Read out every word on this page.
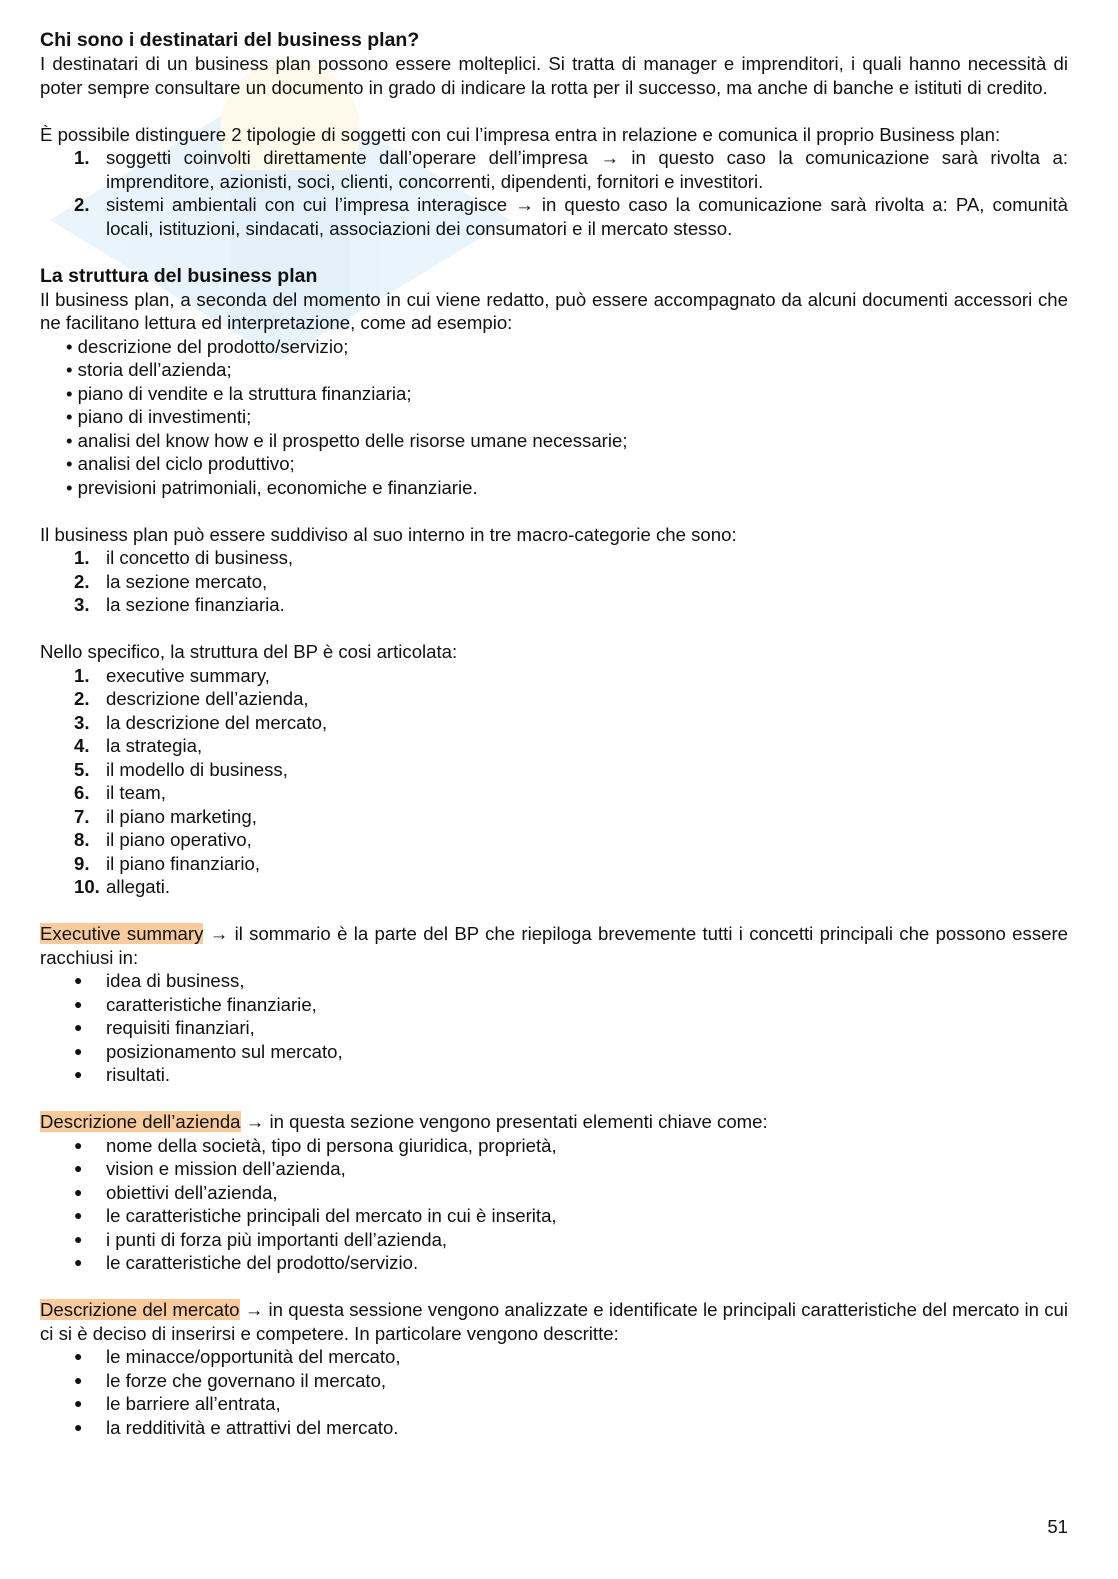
Chi sono i destinatari del business plan?

I destinatari di un business plan possono essere molteplici. Si tratta di manager e imprenditori, i quali hanno necessità di poter sempre consultare un documento in grado di indicare la rotta per il successo, ma anche di banche e istituti di credito.

È possibile distinguere 2 tipologie di soggetti con cui l’impresa entra in relazione e comunica il proprio Business plan:

1. soggetti coinvolti direttamente dall’operare dell’impresa → in questo caso la comunicazione sarà rivolta a: imprenditore, azionisti, soci, clienti, concorrenti, dipendenti, fornitori e investitori.
2. sistemi ambientali con cui l’impresa interagisce → in questo caso la comunicazione sarà rivolta a: PA, comunità locali, istituzioni, sindacati, associazioni dei consumatori e il mercato stesso.
La struttura del business plan

Il business plan, a seconda del momento in cui viene redatto, può essere accompagnato da alcuni documenti accessori che ne facilitano lettura ed interpretazione, come ad esempio:

• descrizione del prodotto/servizio;
• storia dell’azienda;
• piano di vendite e la struttura finanziaria;
• piano di investimenti;
• analisi del know how e il prospetto delle risorse umane necessarie;
• analisi del ciclo produttivo;
• previsioni patrimoniali, economiche e finanziarie.

Il business plan può essere suddiviso al suo interno in tre macro-categorie che sono:

1. il concetto di business,
2. la sezione mercato,
3. la sezione finanziaria.

Nello specifico, la struttura del BP è cosi articolata:

1. executive summary,
2. descrizione dell’azienda,
3. la descrizione del mercato,
4. la strategia,
5. il modello di business,
6. il team,
7. il piano marketing,
8. il piano operativo,
9. il piano finanziario,
10. allegati.

Executive summary → il sommario è la parte del BP che riepiloga brevemente tutti i concetti principali che possono essere racchiusi in:

●	idea di business,
●	caratteristiche finanziarie,
●	requisiti finanziari,
●	posizionamento sul mercato,
●	risultati.

Descrizione dell’azienda → in questa sezione vengono presentati elementi chiave come:

●	nome della società, tipo di persona giuridica, proprietà,
●	vision e mission dell’azienda,
●	obiettivi dell’azienda,
●	le caratteristiche principali del mercato in cui è inserita,
●	i punti di forza più importanti dell’azienda,
●	le caratteristiche del prodotto/servizio.

Descrizione del mercato → in questa sessione vengono analizzate e identificate le principali caratteristiche del mercato in cui ci si è deciso di inserirsi e competere. In particolare vengono descritte:

●	le minacce/opportunità del mercato,
●	le forze che governano il mercato,
●	le barriere all’entrata,
●	la redditività e attrattivi del mercato.
51
